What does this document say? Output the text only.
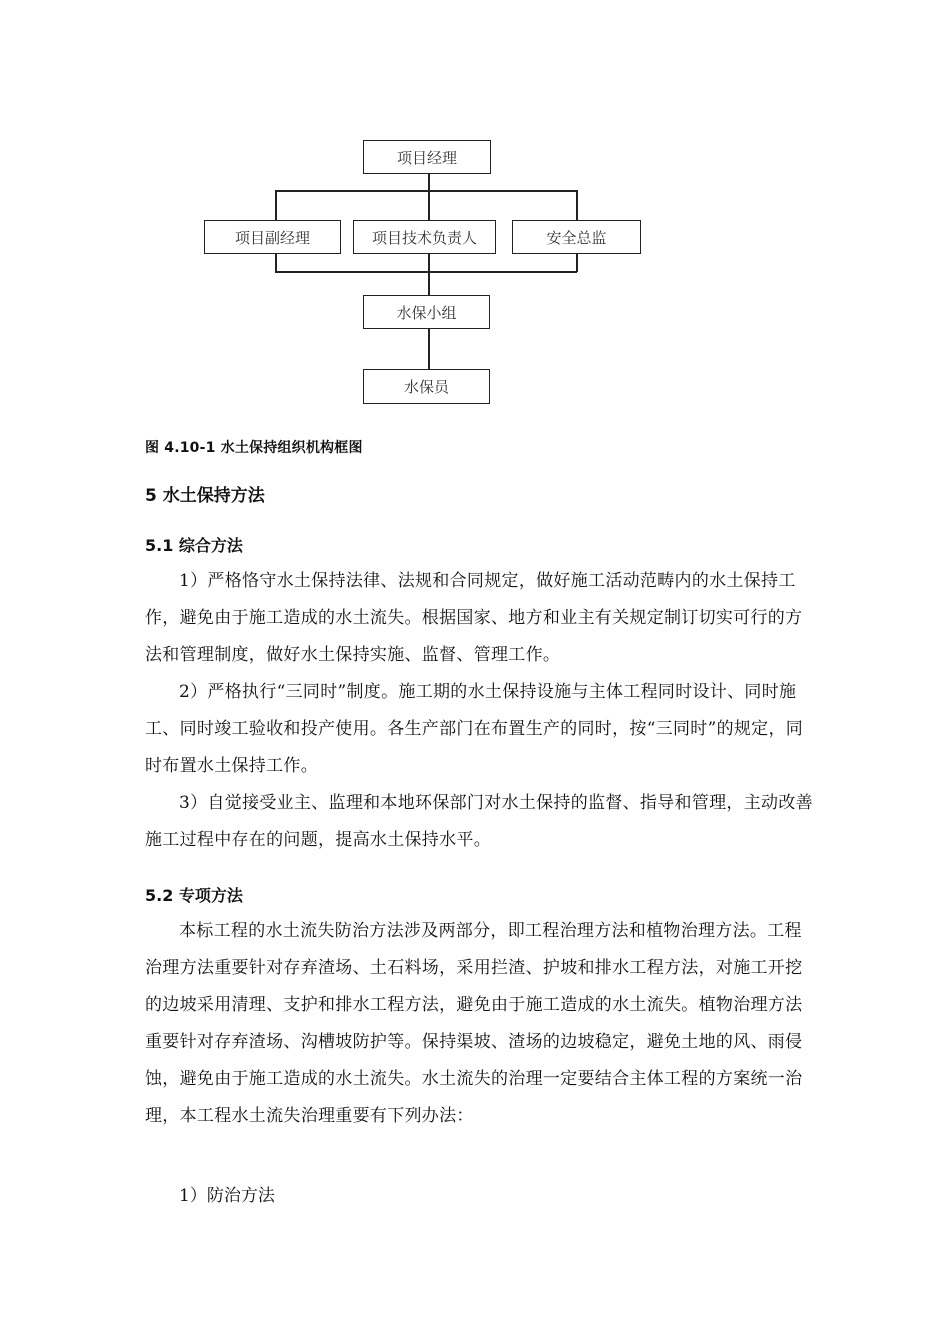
项目经理
项目副经理	项目技术负责人	安全总监
水保小组
水保员
图 4.10-1 水土保持组织机构框图
5 水土保持方法
5.1 综合方法

1）严格恪守水土保持法律、法规和合同规定，做好施工活动范畴内的水土保持工作，避免由于施工造成的水土流失。根据国家、地方和业主有关规定制订切实可行的方法和管理制度，做好水土保持实施、监督、管理工作。

2）严格执行“三同时”制度。施工期的水土保持设施与主体工程同时设计、同时施工、同时竣工验收和投产使用。各生产部门在布置生产的同时，按“三同时”的规定，同时布置水土保持工作。

3）自觉接受业主、监理和本地环保部门对水土保持的监督、指导和管理，主动改善施工过程中存在的问题，提高水土保持水平。

5.2 专项方法

本标工程的水土流失防治方法涉及两部分，即工程治理方法和植物治理方法。工程治理方法重要针对存弃渣场、土石料场，采用拦渣、护坡和排水工程方法，对施工开挖的边坡采用清理、支护和排水工程方法，避免由于施工造成的水土流失。植物治理方法重要针对存弃渣场、沟槽坡防护等。保持渠坡、渣场的边坡稳定，避免土地的风、雨侵蚀，避免由于施工造成的水土流失。水土流失的治理一定要结合主体工程的方案统一治理，本工程水土流失治理重要有下列办法：

1）防治方法
